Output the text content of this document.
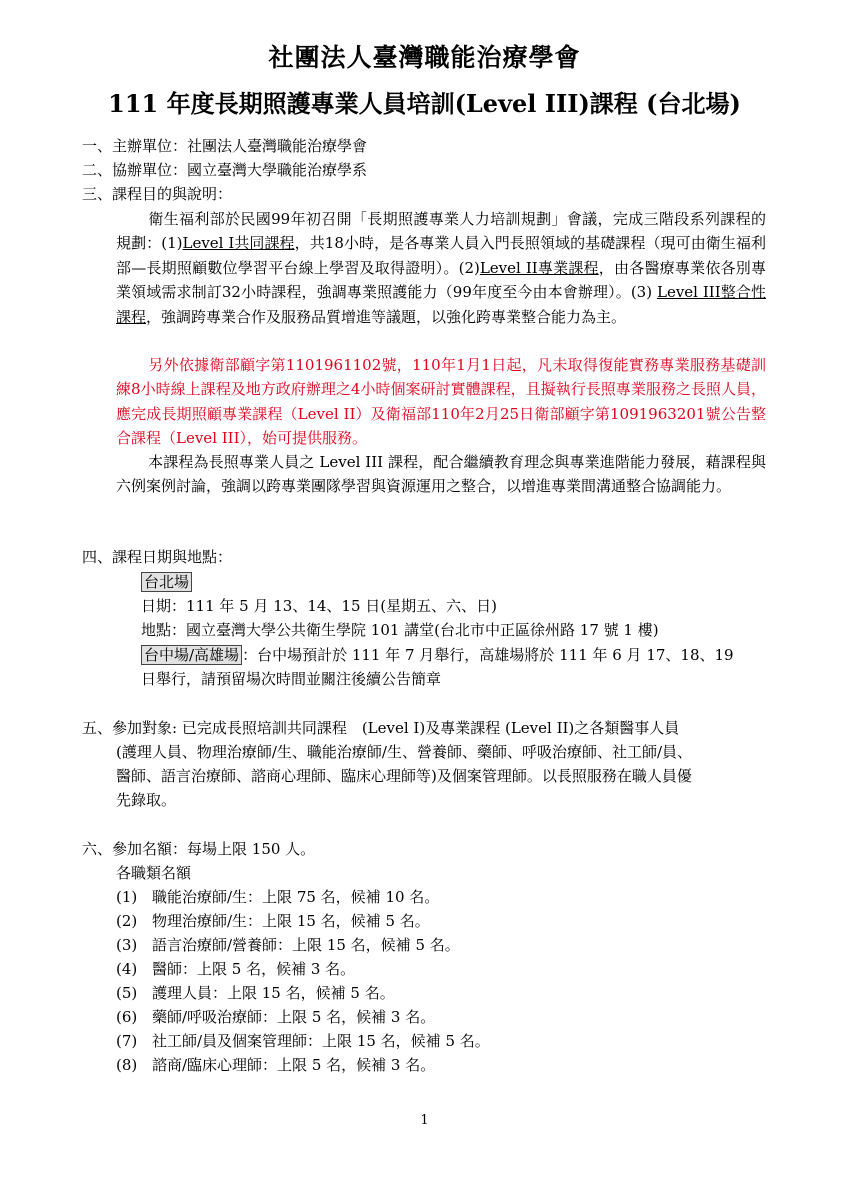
社團法人臺灣職能治療學會
111 年度長期照護專業人員培訓(Level III)課程 (台北場)
一、主辦單位：社團法人臺灣職能治療學會
二、協辦單位：國立臺灣大學職能治療學系
三、課程目的與說明：
衛生福利部於民國99年初召開「長期照護專業人力培訓規劃」會議，完成三階段系列課程的規劃：(1)Level I共同課程，共18小時，是各專業人員入門長照領域的基礎課程（現可由衛生福利部—長期照顧數位學習平台線上學習及取得證明）。(2)Level II專業課程，由各醫療專業依各別專業領域需求制訂32小時課程，強調專業照護能力（99年度至今由本會辦理）。(3) Level III整合性課程，強調跨專業合作及服務品質增進等議題，以強化跨專業整合能力為主。
另外依據衛部顧字第1101961102號，110年1月1日起，凡未取得復能實務專業服務基礎訓練8小時線上課程及地方政府辦理之4小時個案研討實體課程，且擬執行長照專業服務之長照人員，應完成長期照顧專業課程（Level II）及衛福部110年2月25日衛部顧字第1091963201號公告整合課程（Level III），始可提供服務。
本課程為長照專業人員之 Level III 課程，配合繼續教育理念與專業進階能力發展，藉課程與六例案例討論，強調以跨專業團隊學習與資源運用之整合，以增進專業間溝通整合協調能力。
四、課程日期與地點：
台北場
日期：111 年 5 月 13、14、15 日(星期五、六、日)
地點：國立臺灣大學公共衛生學院 101 講堂(台北市中正區徐州路 17 號 1 樓)
台中場/高雄場 ：台中場預計於 111 年 7 月舉行，高雄場將於 111 年 6 月 17、18、19
日舉行，請預留場次時間並關注後續公告簡章
五、參加對象: 已完成長照培訓共同課程　(Level I)及專業課程 (Level II)之各類醫事人員
(護理人員、物理治療師/生、職能治療師/生、營養師、藥師、呼吸治療師、社工師/員、
醫師、語言治療師、諮商心理師、臨床心理師等)及個案管理師。以長照服務在職人員優
先錄取。
六、參加名額：每場上限 150 人。
各職類名額
(1) 職能治療師/生：上限 75 名，候補 10 名。
(2) 物理治療師/生：上限 15 名，候補 5 名。
(3) 語言治療師/營養師：上限 15 名，候補 5 名。
(4) 醫師：上限 5 名，候補 3 名。
(5) 護理人員：上限 15 名，候補 5 名。
(6) 藥師/呼吸治療師：上限 5 名，候補 3 名。
(7) 社工師/員及個案管理師：上限 15 名，候補 5 名。
(8) 諮商/臨床心理師：上限 5 名，候補 3 名。
1
